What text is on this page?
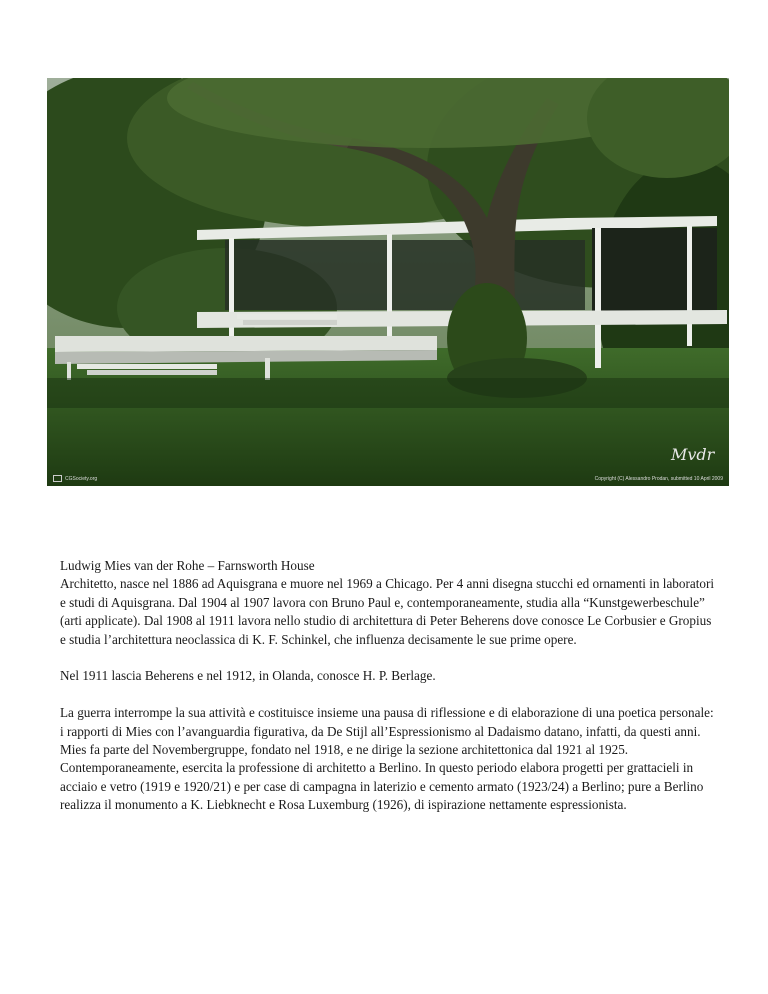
Mvdr
CGSociety.org	Copyright (C) Alessandro Prodan, submitted 10 April 2009

Ludwig Mies van der Rohe – Farnsworth House

Architetto, nasce nel 1886 ad Aquisgrana e muore nel 1969 a Chicago. Per 4 anni disegna stucchi ed ornamenti in laboratori e studi di Aquisgrana. Dal 1904 al 1907 lavora con Bruno Paul e, contemporaneamente, studia alla “Kunstgewerbeschule” (arti applicate). Dal 1908 al 1911 lavora nello studio di architettura di Peter Beherens dove conosce Le Corbusier e Gropius e studia l’architettura neoclassica di K. F. Schinkel, che influenza decisamente le sue prime opere.

Nel 1911 lascia Beherens e nel 1912, in Olanda, conosce H. P. Berlage.

La guerra interrompe la sua attività e costituisce insieme una pausa di riflessione e di elaborazione di una poetica personale: i rapporti di Mies con l’avanguardia figurativa, da De Stijl all’Espressionismo al Dadaismo datano, infatti, da questi anni. Mies fa parte del Novembergruppe, fondato nel 1918, e ne dirige la sezione architettonica dal 1921 al 1925. Contemporaneamente, esercita la professione di architetto a Berlino. In questo periodo elabora progetti per grattacieli in acciaio e vetro (1919 e 1920/21) e per case di campagna in laterizio e cemento armato (1923/24) a Berlino; pure a Berlino realizza il monumento a K. Liebknecht e Rosa Luxemburg (1926), di ispirazione nettamente espressionista.
